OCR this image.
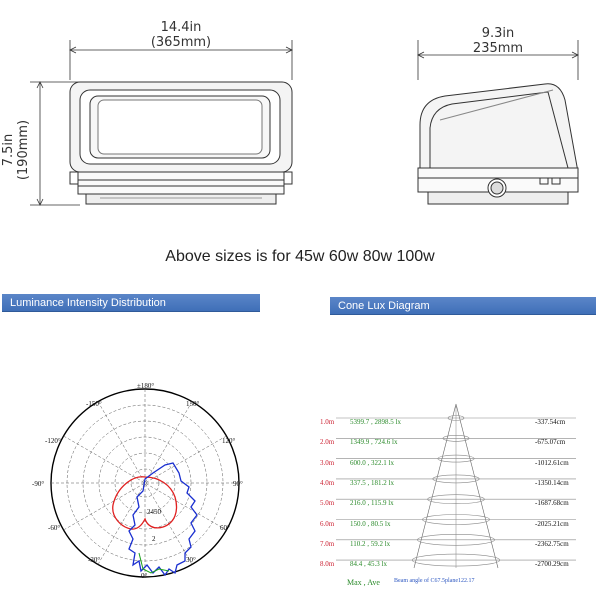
14.4in
(365mm)
9.3in
235mm
7.5in
(190mm)
Above sizes is for 45w 60w 80w 100w
Luminance Intensity Distribution	Cone Lux Diagram
±180°
-150°	150°
-120°	120°
-90°	90°
-60°	60°
-30°	30°
0°
2450
2
1.0m 5399.7 , 2898.5 lx	-337.54cm
2.0m 1349.9 , 724.6 lx	-675.07cm
3.0m 600.0 , 322.1 lx	-1012.61cm
4.0m 337.5 , 181.2 lx	-1350.14cm
5.0m 216.0 , 115.9 lx	-1687.68cm
6.0m 150.0 , 80.5 lx	-2025.21cm
7.0m 110.2 , 59.2 lx	-2362.75cm
8.0m 84.4 , 45.3 lx	-2700.29cm
Max , Ave Beam angle of C67.5plane122.17
